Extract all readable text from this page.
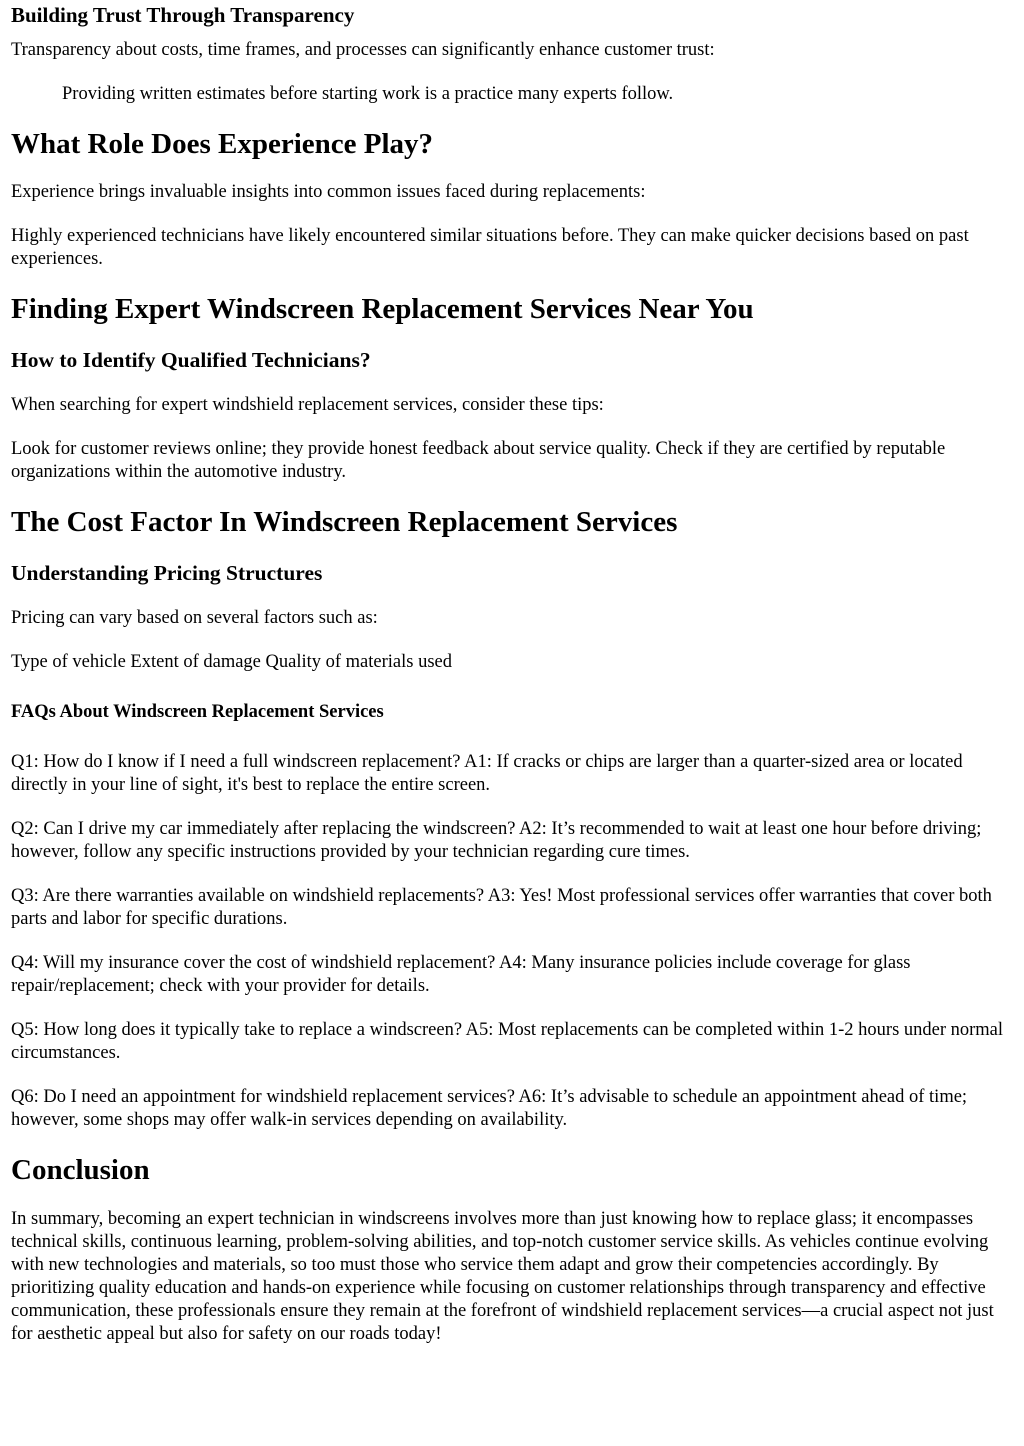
Building Trust Through Transparency

Transparency about costs, time frames, and processes can significantly enhance customer trust:

Providing written estimates before starting work is a practice many experts follow.
What Role Does Experience Play?

Experience brings invaluable insights into common issues faced during replacements:

Highly experienced technicians have likely encountered similar situations before. They can make quicker decisions based on past experiences.

Finding Expert Windscreen Replacement Services Near You
How to Identify Qualified Technicians?

When searching for expert windshield replacement services, consider these tips:

Look for customer reviews online; they provide honest feedback about service quality. Check if they are certified by reputable organizations within the automotive industry.

The Cost Factor In Windscreen Replacement Services
Understanding Pricing Structures

Pricing can vary based on several factors such as:

Type of vehicle Extent of damage Quality of materials used

FAQs About Windscreen Replacement Services

Q1: How do I know if I need a full windscreen replacement? A1: If cracks or chips are larger than a quarter-sized area or located directly in your line of sight, it's best to replace the entire screen.

Q2: Can I drive my car immediately after replacing the windscreen? A2: It’s recommended to wait at least one hour before driving; however, follow any specific instructions provided by your technician regarding cure times.

Q3: Are there warranties available on windshield replacements? A3: Yes! Most professional services offer warranties that cover both parts and labor for specific durations.

Q4: Will my insurance cover the cost of windshield replacement? A4: Many insurance policies include coverage for glass repair/replacement; check with your provider for details.

Q5: How long does it typically take to replace a windscreen? A5: Most replacements can be completed within 1-2 hours under normal circumstances.

Q6: Do I need an appointment for windshield replacement services? A6: It’s advisable to schedule an appointment ahead of time; however, some shops may offer walk-in services depending on availability.

Conclusion

In summary, becoming an expert technician in windscreens involves more than just knowing how to replace glass; it encompasses technical skills, continuous learning, problem-solving abilities, and top-notch customer service skills. As vehicles continue evolving with new technologies and materials, so too must those who service them adapt and grow their competencies accordingly. By prioritizing quality education and hands-on experience while focusing on customer relationships through transparency and effective communication, these professionals ensure they remain at the forefront of windshield replacement services—a crucial aspect not just for aesthetic appeal but also for safety on our roads today!
